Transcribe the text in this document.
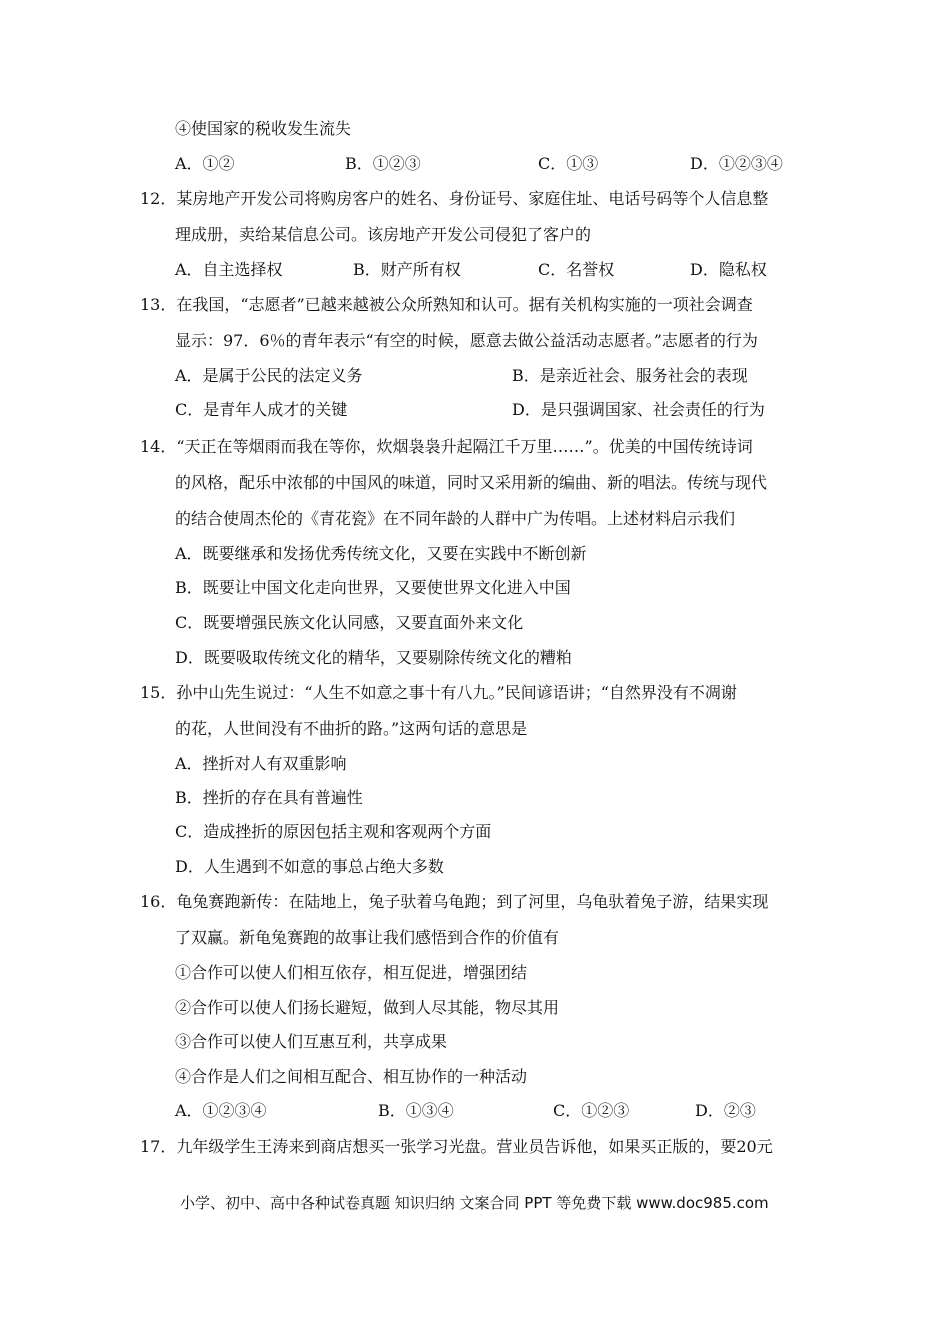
④使国家的税收发生流失
A．①②	B．①②③	C．①③	D．①②③④
12．某房地产开发公司将购房客户的姓名、身份证号、家庭住址、电话号码等个人信息整
理成册，卖给某信息公司。该房地产开发公司侵犯了客户的
A．自主选择权	B．财产所有权	C．名誉权	D．隐私权
13．在我国，“志愿者”已越来越被公众所熟知和认可。据有关机构实施的一项社会调查
显示：97．6％的青年表示“有空的时候，愿意去做公益活动志愿者。”志愿者的行为
A．是属于公民的法定义务	B．是亲近社会、服务社会的表现
C．是青年人成才的关键	D．是只强调国家、社会责任的行为
14．“天正在等烟雨而我在等你，炊烟袅袅升起隔江千万里……”。优美的中国传统诗词
的风格，配乐中浓郁的中国风的味道，同时又采用新的编曲、新的唱法。传统与现代
的结合使周杰伦的《青花瓷》在不同年龄的人群中广为传唱。上述材料启示我们
A．既要继承和发扬优秀传统文化，又要在实践中不断创新
B．既要让中国文化走向世界，又要使世界文化进入中国
C．既要增强民族文化认同感，又要直面外来文化
D．既要吸取传统文化的精华，又要剔除传统文化的糟粕
15．孙中山先生说过：“人生不如意之事十有八九。”民间谚语讲；“自然界没有不凋谢
的花，人世间没有不曲折的路。”这两句话的意思是
A．挫折对人有双重影响
B．挫折的存在具有普遍性
C．造成挫折的原因包括主观和客观两个方面
D．人生遇到不如意的事总占绝大多数
16．龟兔赛跑新传：在陆地上，兔子驮着乌龟跑；到了河里，乌龟驮着兔子游，结果实现
了双赢。新龟兔赛跑的故事让我们感悟到合作的价值有
①合作可以使人们相互依存，相互促进，增强团结
②合作可以使人们扬长避短，做到人尽其能，物尽其用
③合作可以使人们互惠互利，共享成果
④合作是人们之间相互配合、相互协作的一种活动
A．①②③④	B．①③④	C．①②③	D．②③
17．九年级学生王涛来到商店想买一张学习光盘。营业员告诉他，如果买正版的，要20元
小学、初中、高中各种试卷真题 知识归纳 文案合同 PPT 等免费下载 www.doc985.com
